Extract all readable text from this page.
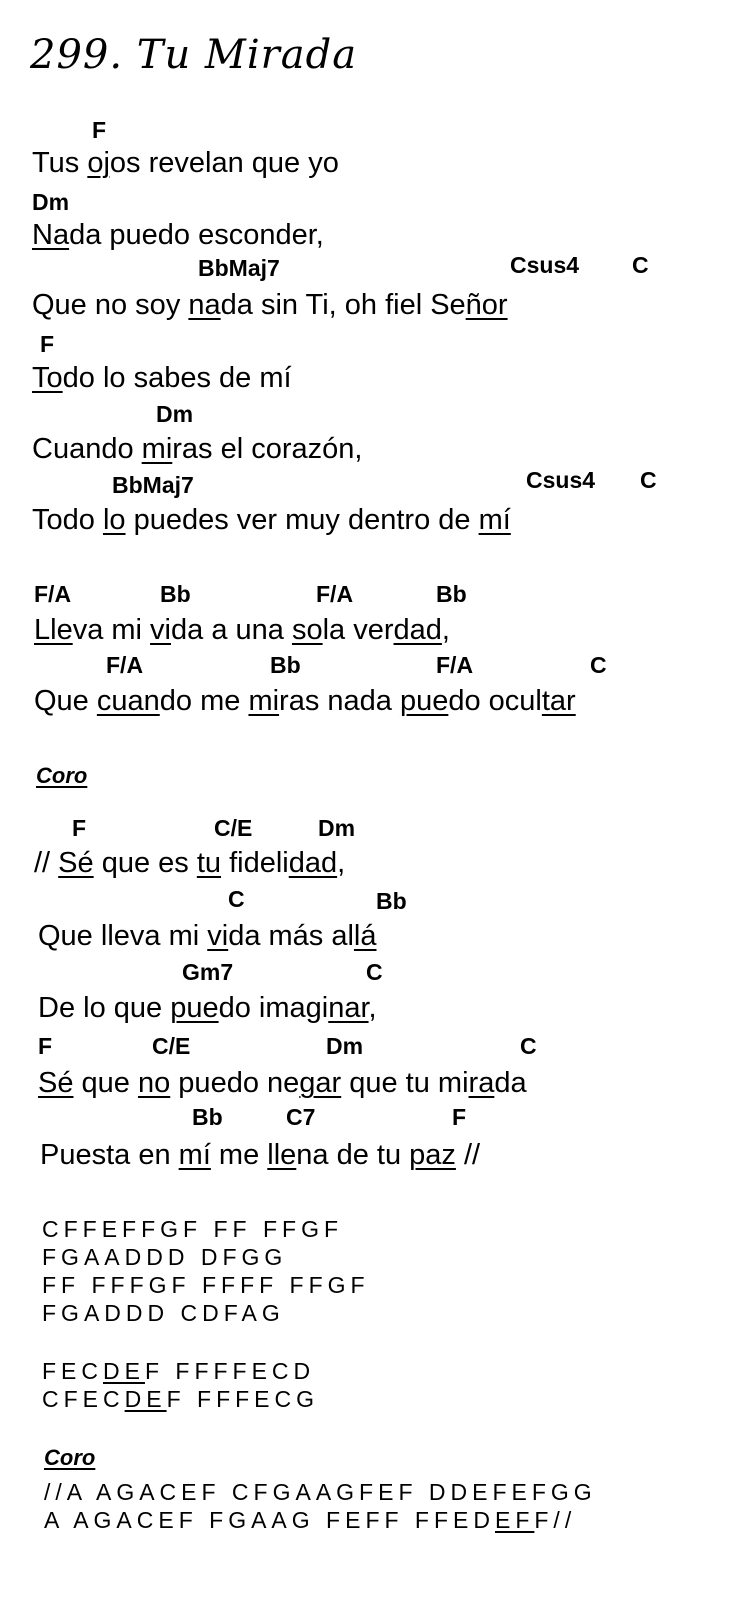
299. Tu Mirada
F
Tus ojos revelan que yo
Dm
Nada puedo esconder,
BbMaj7	Csus4 C
Que no soy nada sin Ti, oh fiel Señor
F
Todo lo sabes de mí
Dm
Cuando miras el corazón,
BbMaj7	Csus4 C
Todo lo puedes ver muy dentro de mí
F/A	Bb	F/A	Bb
Lleva mi vida a una sola verdad,
F/A	Bb	F/A	C
Que cuando me miras nada puedo ocultar
Coro
F	C/E	Dm
// Sé que es tu fidelidad,
C	Bb
Que lleva mi vida más allá
Gm7	C
De lo que puedo imaginar,
F	C/E	Dm	C
Sé que no puedo negar que tu mirada
Bb	C7	F
Puesta en mí me llena de tu paz //
CFFEFFGF FF FFGF
FGAADDD DFGG
FF FFFGF FFFF FFGF
FGADDD CDFAG
FECDEF FFFFECD
CFECDEF FFFECG
Coro
//A AGACEF CFGAAGFEF DDEFEFGG
A AGACEF FGAAG FEFF FFEDEFF//
